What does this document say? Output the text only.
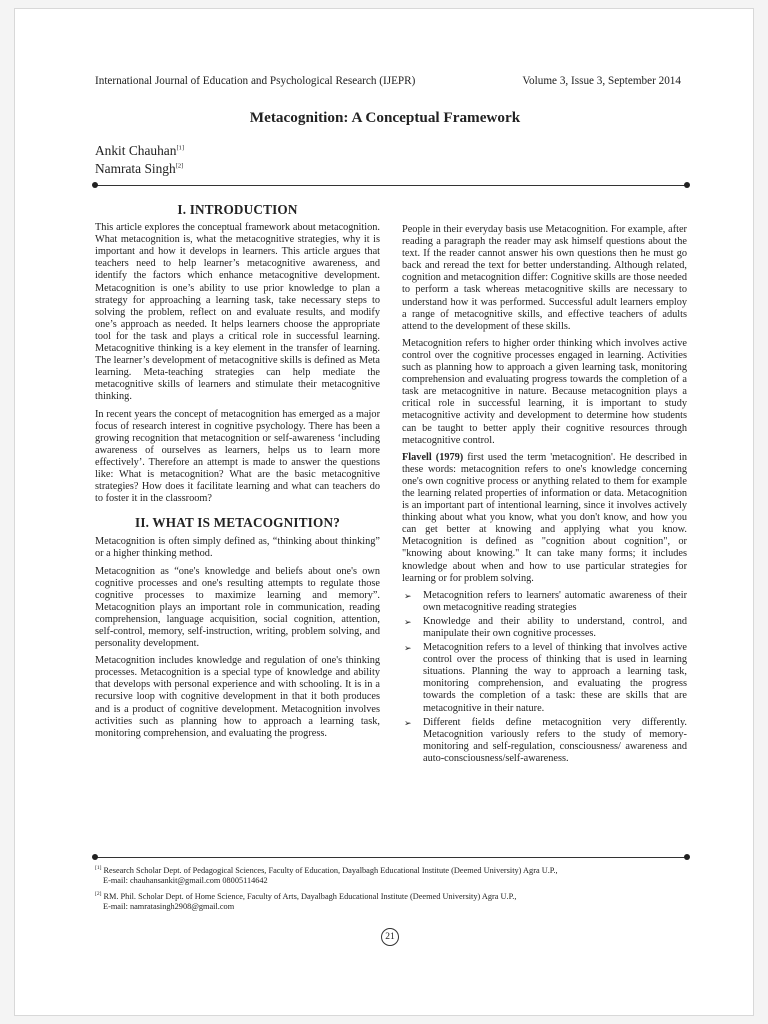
International Journal of Education and Psychological Research (IJEPR)	Volume 3, Issue 3, September 2014
Metacognition: A Conceptual Framework
Ankit Chauhan[1]
Namrata Singh[2]
I. INTRODUCTION

This article explores the conceptual framework about metacognition. What metacognition is, what the metacognitive strategies, why it is important and how it develops in learners. This article argues that teachers need to help learner’s metacognitive awareness, and identify the factors which enhance metacognitive development. Metacognition is one’s ability to use prior knowledge to plan a strategy for approaching a learning task, take necessary steps to solving the problem, reflect on and evaluate results, and modify one’s approach as needed. It helps learners choose the appropriate tool for the task and plays a critical role in successful learning. Metacognitive thinking is a key element in the transfer of learning. The learner’s development of metacognitive skills is defined as Meta learning. Meta-teaching strategies can help mediate the metacognitive skills of learners and stimulate their metacognitive thinking.

In recent years the concept of metacognition has emerged as a major focus of research interest in cognitive psychology. There has been a growing recognition that metacognition or self-awareness ‘including awareness of ourselves as learners, helps us to learn more effectively’. Therefore an attempt is made to answer the questions like: What is metacognition? What are the basic metacognitive strategies? How does it facilitate learning and what can teachers do to foster it in the classroom?

II. WHAT IS METACOGNITION?

Metacognition is often simply defined as, “thinking about thinking” or a higher thinking method.

Metacognition as “one's knowledge and beliefs about one's own cognitive processes and one's resulting attempts to regulate those cognitive processes to maximize learning and memory”. Metacognition plays an important role in communication, reading comprehension, language acquisition, social cognition, attention, self-control, memory, self-instruction, writing, problem solving, and personality development.

Metacognition includes knowledge and regulation of one's thinking processes. Metacognition is a special type of knowledge and ability that develops with personal experience and with schooling. It is in a recursive loop with cognitive development in that it both produces and is a product of cognitive development. Metacognition involves activities such as planning how to approach a learning task, monitoring comprehension, and evaluating the progress.

People in their everyday basis use Metacognition. For example, after reading a paragraph the reader may ask himself questions about the text. If the reader cannot answer his own questions then he must go back and reread the text for better understanding. Although related, cognition and metacognition differ: Cognitive skills are those needed to perform a task whereas metacognitive skills are necessary to understand how it was performed. Successful adult learners employ a range of metacognitive skills, and effective teachers of adults attend to the development of these skills.

Metacognition refers to higher order thinking which involves active control over the cognitive processes engaged in learning. Activities such as planning how to approach a given learning task, monitoring comprehension and evaluating progress towards the completion of a task are metacognitive in nature. Because metacognition plays a critical role in successful learning, it is important to study metacognitive activity and development to determine how students can be taught to better apply their cognitive resources through metacognitive control.

Flavell (1979) first used the term 'metacognition'. He described in these words: metacognition refers to one's knowledge concerning one's own cognitive process or anything related to them for example the learning related properties of information or data. Metacognition is an important part of intentional learning, since it involves actively thinking about what you know, what you don't know, and how you can get better at knowing and applying what you know. Metacognition is defined as "cognition about cognition", or "knowing about knowing." It can take many forms; it includes knowledge about when and how to use particular strategies for learning or for problem solving.

➢ Metacognition refers to learners' automatic awareness of their own metacognitive reading strategies
➢ Knowledge and their ability to understand, control, and manipulate their own cognitive processes.
➢ Metacognition refers to a level of thinking that involves active control over the process of thinking that is used in learning situations. Planning the way to approach a learning task, monitoring comprehension, and evaluating the progress towards the completion of a task: these are skills that are metacognitive in their nature.
➢ Different fields define metacognition very differently. Metacognition variously refers to the study of memory-monitoring and self-regulation, consciousness/ awareness and auto-consciousness/self-awareness.
[1] Research Scholar Dept. of Pedagogical Sciences, Faculty of Education, Dayalbagh Educational Institute (Deemed University) Agra U.P.,
E-mail: chauhansankit@gmail.com 08005114642
[2] RM. Phil. Scholar Dept. of Home Science, Faculty of Arts, Dayalbagh Educational Institute (Deemed University) Agra U.P.,
E-mail: namratasingh2908@gmail.com
21
